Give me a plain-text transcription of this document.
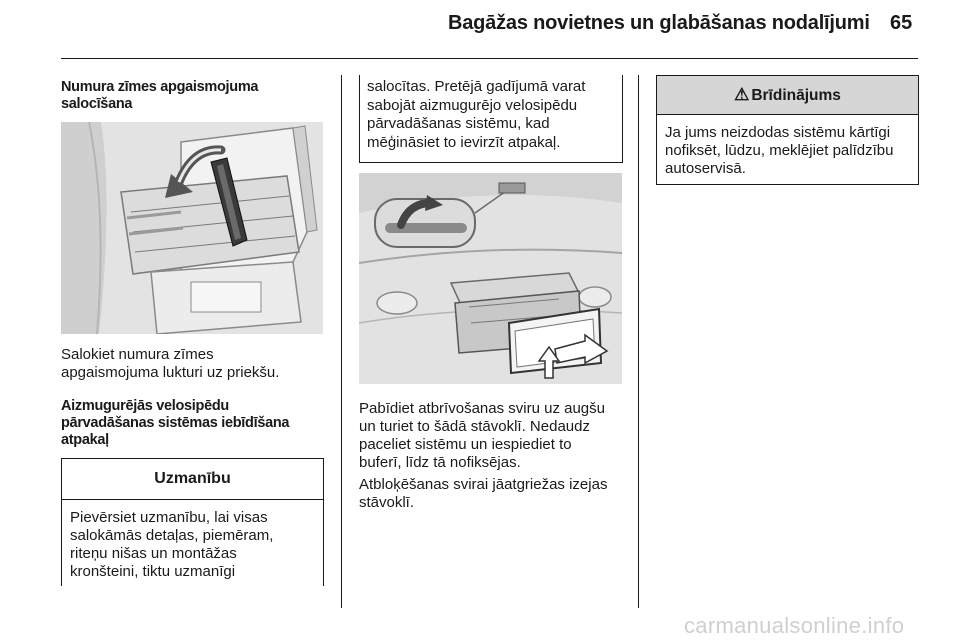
Bagāžas novietnes un glabāšanas nodalījumi 65
Numura zīmes apgaismojuma
salocīšana
Salokiet numura zīmes
apgaismojuma lukturi uz priekšu.
Aizmugurējās velosipēdu
pārvadāšanas sistēmas iebīdīšana
atpakaļ
Uzmanību
Pievērsiet uzmanību, lai visas
salokāmās detaļas, piemēram,
riteņu nišas un montāžas
kronšteini, tiktu uzmanīgi
salocītas. Pretējā gadījumā varat
sabojāt aizmugurējo velosipēdu
pārvadāšanas sistēmu, kad
mēģināsiet to ievirzīt atpakaļ.
Pabīdiet atbrīvošanas sviru uz augšu
un turiet to šādā stāvoklī. Nedaudz
paceliet sistēmu un iespiediet to
buferī, līdz tā nofiksējas.
Atbloķēšanas svirai jāatgriežas izejas
stāvoklī.
⚠ Brīdinājums
Ja jums neizdodas sistēmu kārtīgi
nofiksēt, lūdzu, meklējiet palīdzību
autoservisā.
carmanualsonline.info
